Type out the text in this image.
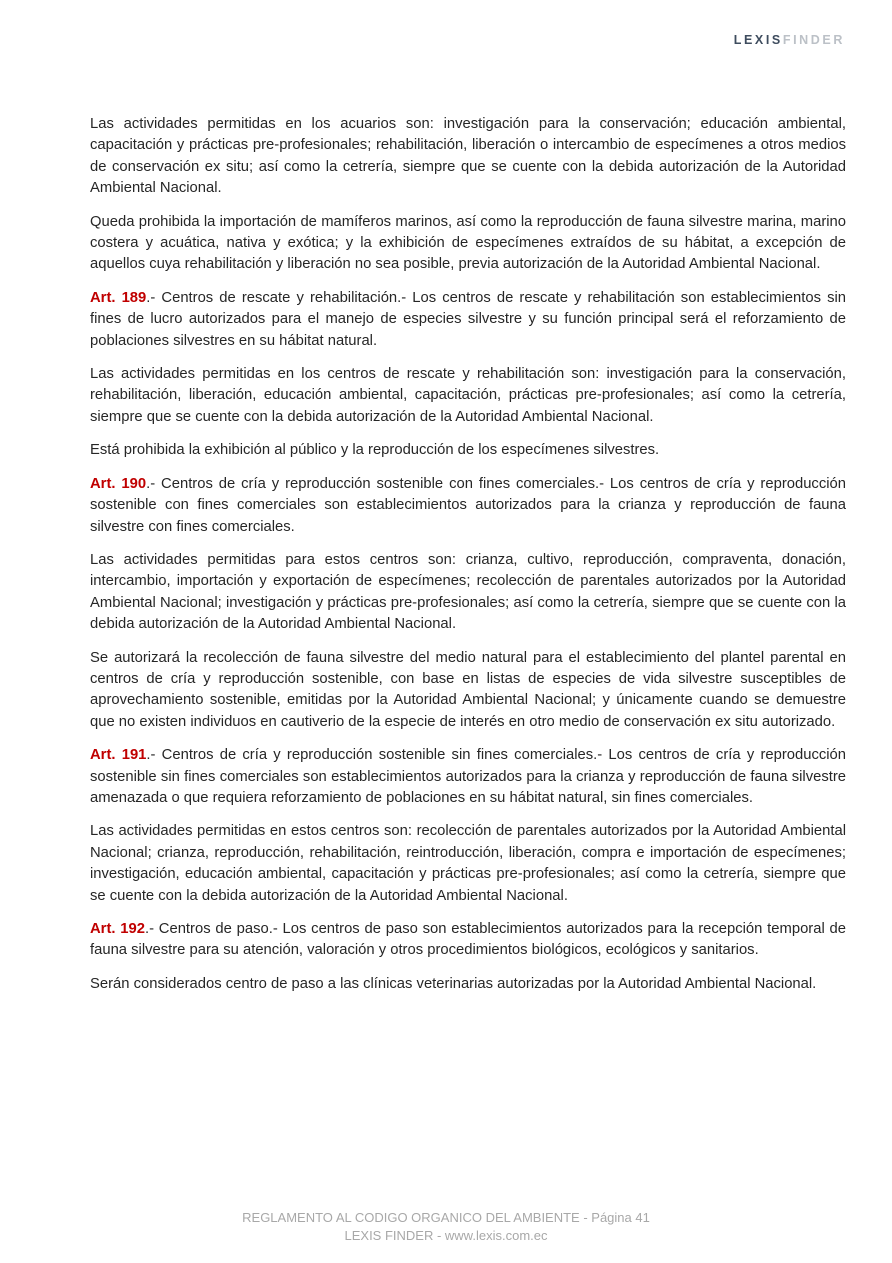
LEXISFINDER

Las actividades permitidas en los acuarios son: investigación para la conservación; educación ambiental, capacitación y prácticas pre-profesionales; rehabilitación, liberación o intercambio de especímenes a otros medios de conservación ex situ; así como la cetrería, siempre que se cuente con la debida autorización de la Autoridad Ambiental Nacional.

Queda prohibida la importación de mamíferos marinos, así como la reproducción de fauna silvestre marina, marino costera y acuática, nativa y exótica; y la exhibición de especímenes extraídos de su hábitat, a excepción de aquellos cuya rehabilitación y liberación no sea posible, previa autorización de la Autoridad Ambiental Nacional.

Art. 189.- Centros de rescate y rehabilitación.- Los centros de rescate y rehabilitación son establecimientos sin fines de lucro autorizados para el manejo de especies silvestre y su función principal será el reforzamiento de poblaciones silvestres en su hábitat natural.

Las actividades permitidas en los centros de rescate y rehabilitación son: investigación para la conservación, rehabilitación, liberación, educación ambiental, capacitación, prácticas pre-profesionales; así como la cetrería, siempre que se cuente con la debida autorización de la Autoridad Ambiental Nacional.

Está prohibida la exhibición al público y la reproducción de los especímenes silvestres.

Art. 190.- Centros de cría y reproducción sostenible con fines comerciales.- Los centros de cría y reproducción sostenible con fines comerciales son establecimientos autorizados para la crianza y reproducción de fauna silvestre con fines comerciales.

Las actividades permitidas para estos centros son: crianza, cultivo, reproducción, compraventa, donación, intercambio, importación y exportación de especímenes; recolección de parentales autorizados por la Autoridad Ambiental Nacional; investigación y prácticas pre-profesionales; así como la cetrería, siempre que se cuente con la debida autorización de la Autoridad Ambiental Nacional.

Se autorizará la recolección de fauna silvestre del medio natural para el establecimiento del plantel parental en centros de cría y reproducción sostenible, con base en listas de especies de vida silvestre susceptibles de aprovechamiento sostenible, emitidas por la Autoridad Ambiental Nacional; y únicamente cuando se demuestre que no existen individuos en cautiverio de la especie de interés en otro medio de conservación ex situ autorizado.

Art. 191.- Centros de cría y reproducción sostenible sin fines comerciales.- Los centros de cría y reproducción sostenible sin fines comerciales son establecimientos autorizados para la crianza y reproducción de fauna silvestre amenazada o que requiera reforzamiento de poblaciones en su hábitat natural, sin fines comerciales.

Las actividades permitidas en estos centros son: recolección de parentales autorizados por la Autoridad Ambiental Nacional; crianza, reproducción, rehabilitación, reintroducción, liberación, compra e importación de especímenes; investigación, educación ambiental, capacitación y prácticas pre-profesionales; así como la cetrería, siempre que se cuente con la debida autorización de la Autoridad Ambiental Nacional.

Art. 192.- Centros de paso.- Los centros de paso son establecimientos autorizados para la recepción temporal de fauna silvestre para su atención, valoración y otros procedimientos biológicos, ecológicos y sanitarios.

Serán considerados centro de paso a las clínicas veterinarias autorizadas por la Autoridad Ambiental Nacional.

REGLAMENTO AL CODIGO ORGANICO DEL AMBIENTE - Página 41
LEXIS FINDER - www.lexis.com.ec
